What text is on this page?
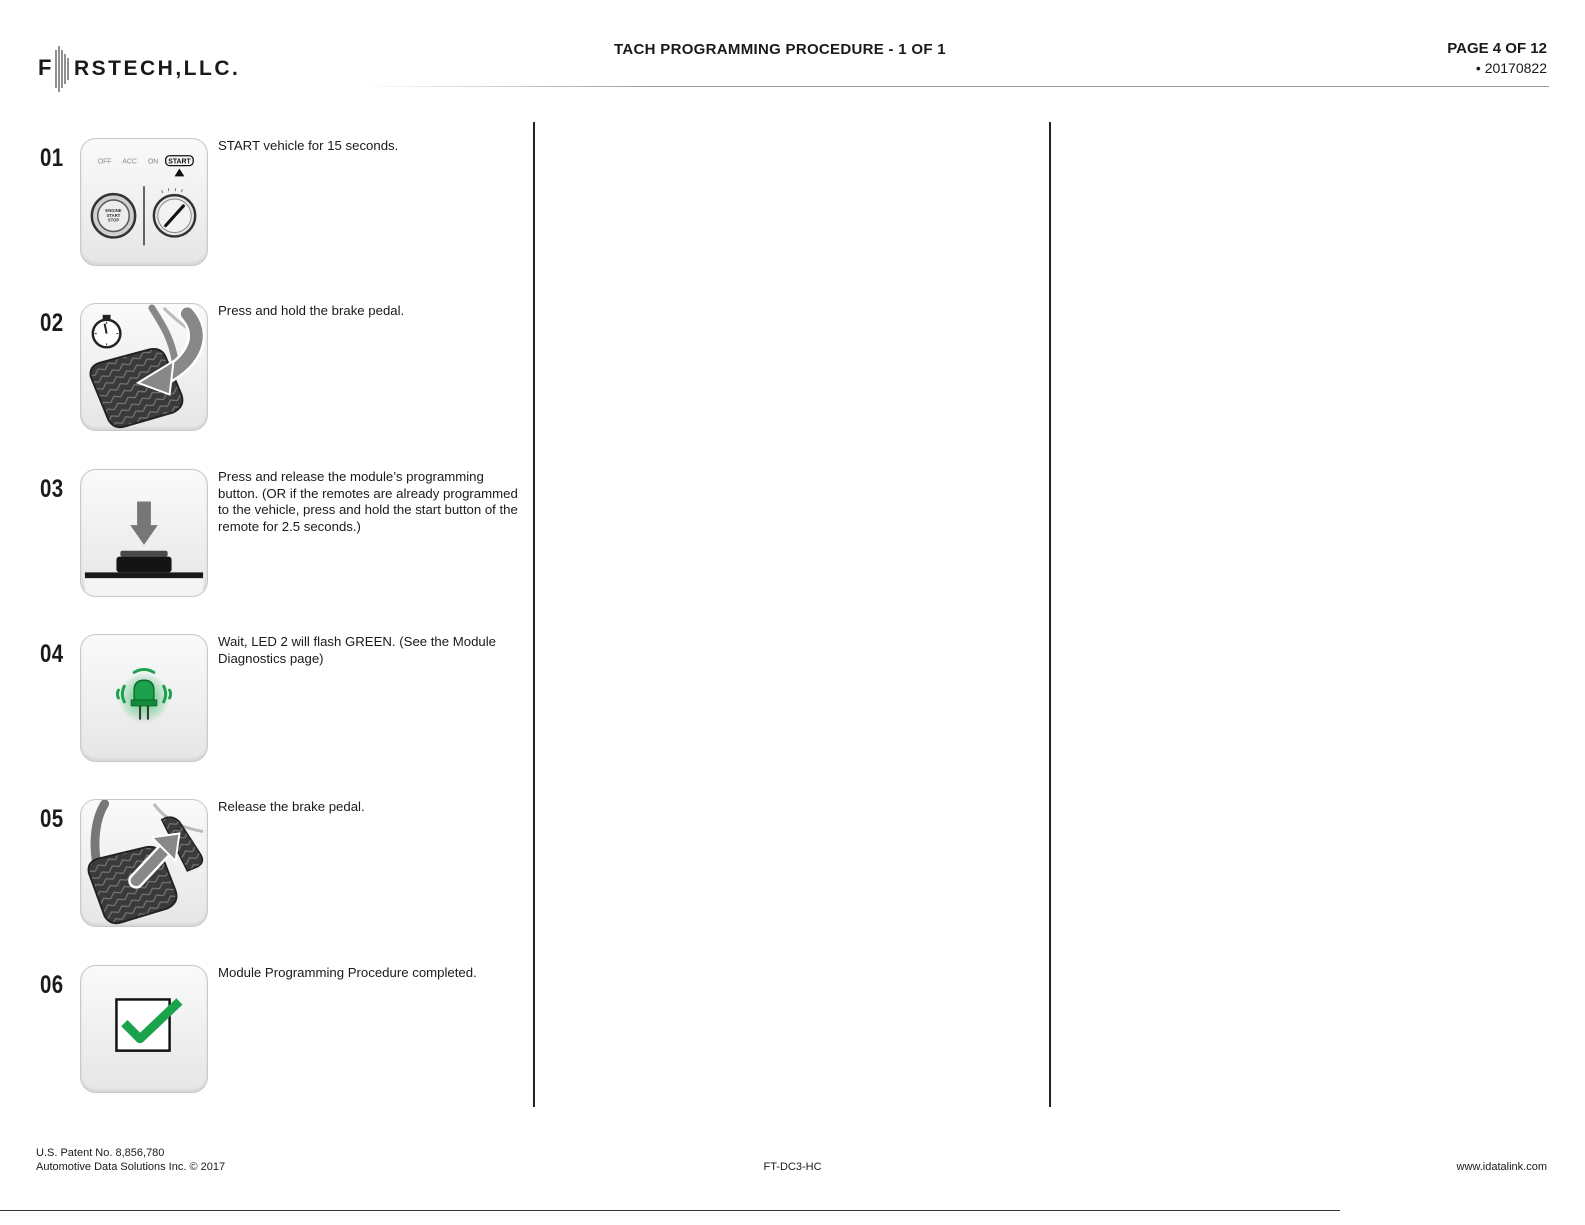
F RSTECH,LLC.
TACH PROGRAMMING PROCEDURE - 1 OF 1	PAGE 4 OF 12
• 20170822
01	OFF ACC ON START
ENGINE
START
STOP
START vehicle for 15 seconds.
02	Press and hold the brake pedal.
03	Press and release the module’s programming button. (OR if the remotes are already programmed to the vehicle, press and hold the start button of the remote for 2.5 seconds.)
04	Wait, LED 2 will flash GREEN. (See the Module Diagnostics page)
05	Release the brake pedal.
06	Module Programming Procedure completed.
U.S. Patent No. 8,856,780
Automotive Data Solutions Inc. © 2017	FT-DC3-HC	www.idatalink.com
